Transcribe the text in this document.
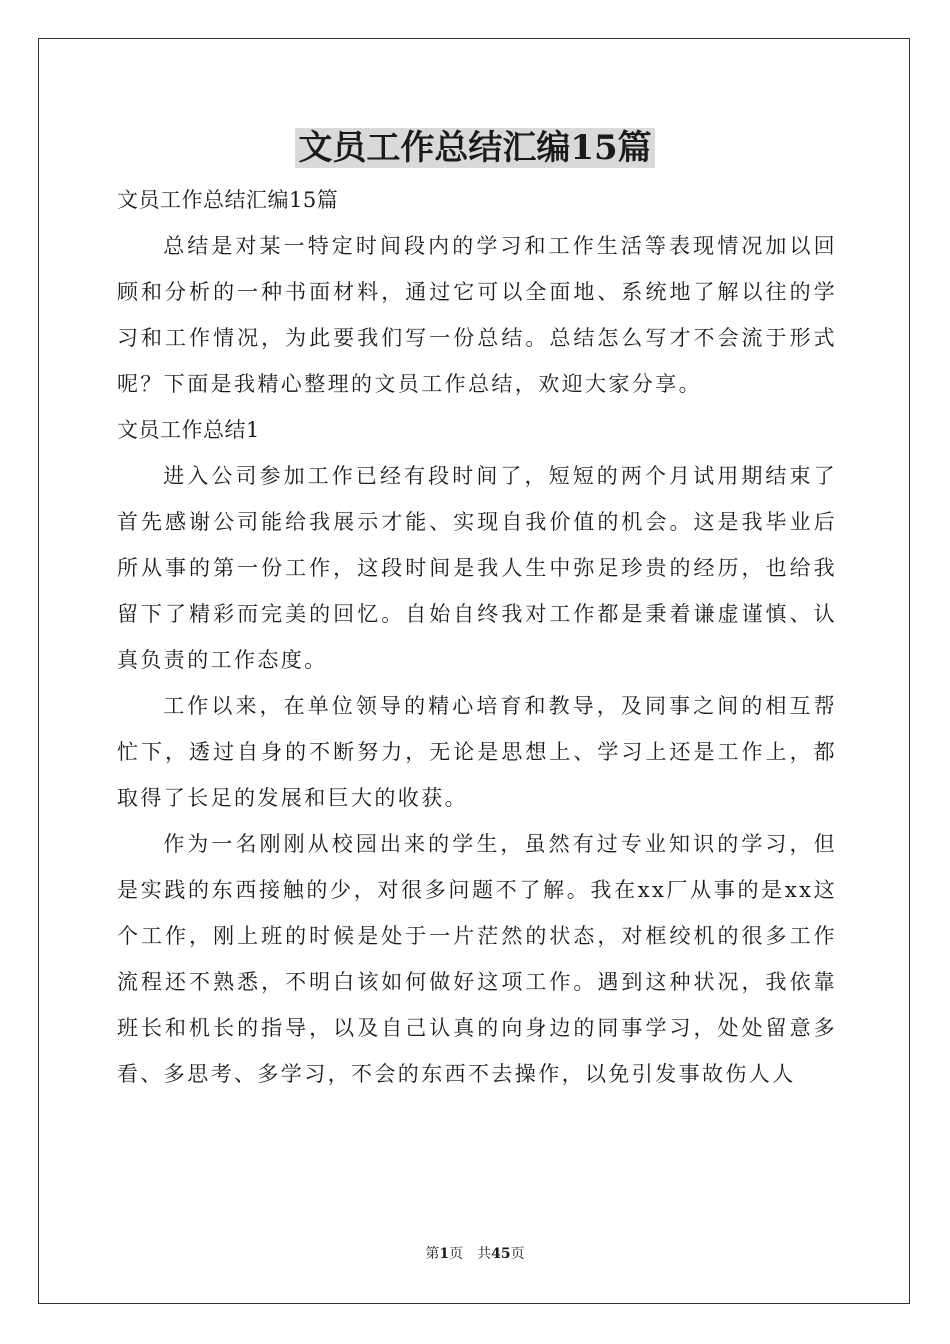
文员工作总结汇编15篇

文员工作总结汇编15篇

总结是对某一特定时间段内的学习和工作生活等表现情况加以回顾和分析的一种书面材料，通过它可以全面地、系统地了解以往的学习和工作情况，为此要我们写一份总结。总结怎么写才不会流于形式呢？下面是我精心整理的文员工作总结，欢迎大家分享。

文员工作总结1

进入公司参加工作已经有段时间了，短短的两个月试用期结束了首先感谢公司能给我展示才能、实现自我价值的机会。这是我毕业后所从事的第一份工作，这段时间是我人生中弥足珍贵的经历，也给我留下了精彩而完美的回忆。自始自终我对工作都是秉着谦虚谨慎、认真负责的工作态度。

工作以来，在单位领导的精心培育和教导，及同事之间的相互帮忙下，透过自身的不断努力，无论是思想上、学习上还是工作上，都取得了长足的发展和巨大的收获。

作为一名刚刚从校园出来的学生，虽然有过专业知识的学习，但是实践的东西接触的少，对很多问题不了解。我在xx厂从事的是xx这个工作，刚上班的时候是处于一片茫然的状态，对框绞机的很多工作流程还不熟悉，不明白该如何做好这项工作。遇到这种状况，我依靠班长和机长的指导，以及自己认真的向身边的同事学习，处处留意多看、多思考、多学习，不会的东西不去操作，以免引发事故伤人人

第1页　共45页
